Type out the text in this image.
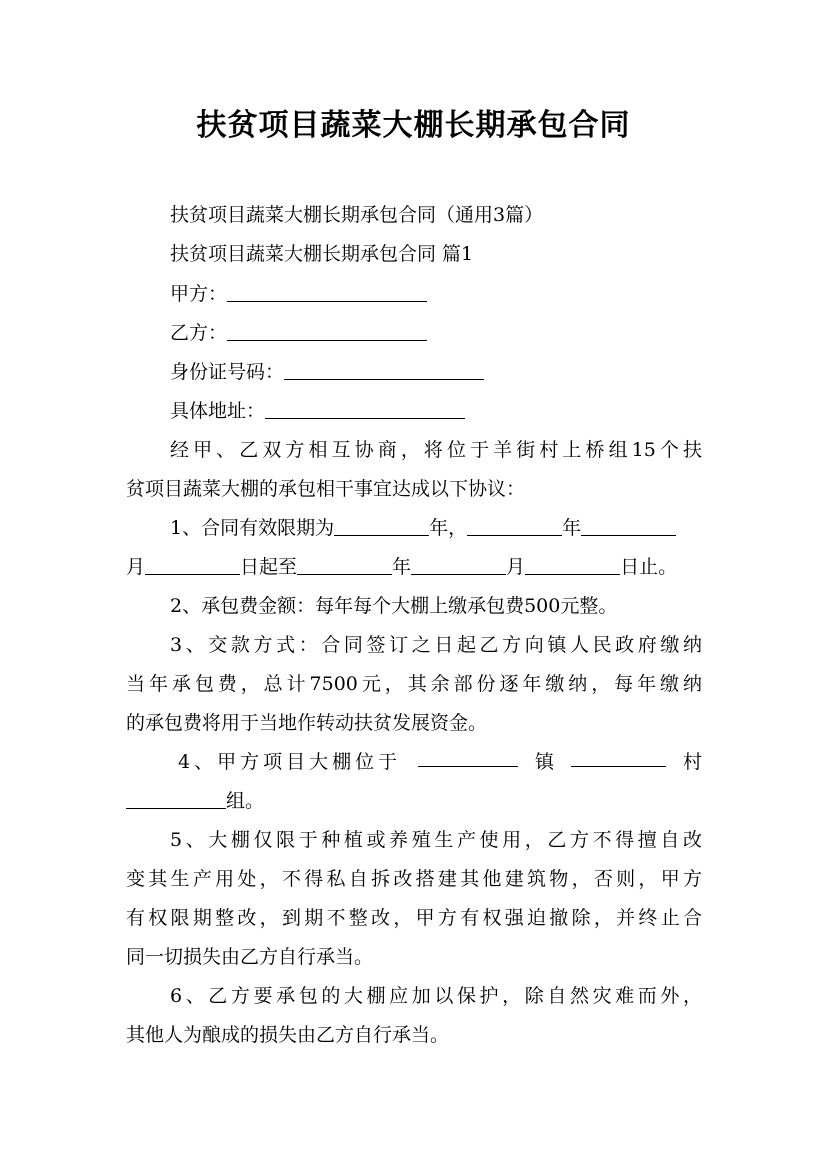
扶贫项目蔬菜大棚长期承包合同
扶贫项目蔬菜大棚长期承包合同（通用3篇）
扶贫项目蔬菜大棚长期承包合同 篇1
甲方：
乙方：
身份证号码：
具体地址：
经甲、乙双方相互协商，将位于羊街村上桥组15个扶
贫项目蔬菜大棚的承包相干事宜达成以下协议：
1、合同有效限期为	年，	年
月	日起至	年	月	日止。
2、承包费金额：每年每个大棚上缴承包费500元整。
3、交款方式：合同签订之日起乙方向镇人民政府缴纳
当年承包费，总计7500元，其余部份逐年缴纳，每年缴纳
的承包费将用于当地作转动扶贫发展资金。
4、甲方项目大棚位于	镇	村
组。
5、大棚仅限于种植或养殖生产使用，乙方不得擅自改
变其生产用处，不得私自拆改搭建其他建筑物，否则，甲方
有权限期整改，到期不整改，甲方有权强迫撤除，并终止合
同一切损失由乙方自行承当。
6、乙方要承包的大棚应加以保护，除自然灾难而外，
其他人为酿成的损失由乙方自行承当。
